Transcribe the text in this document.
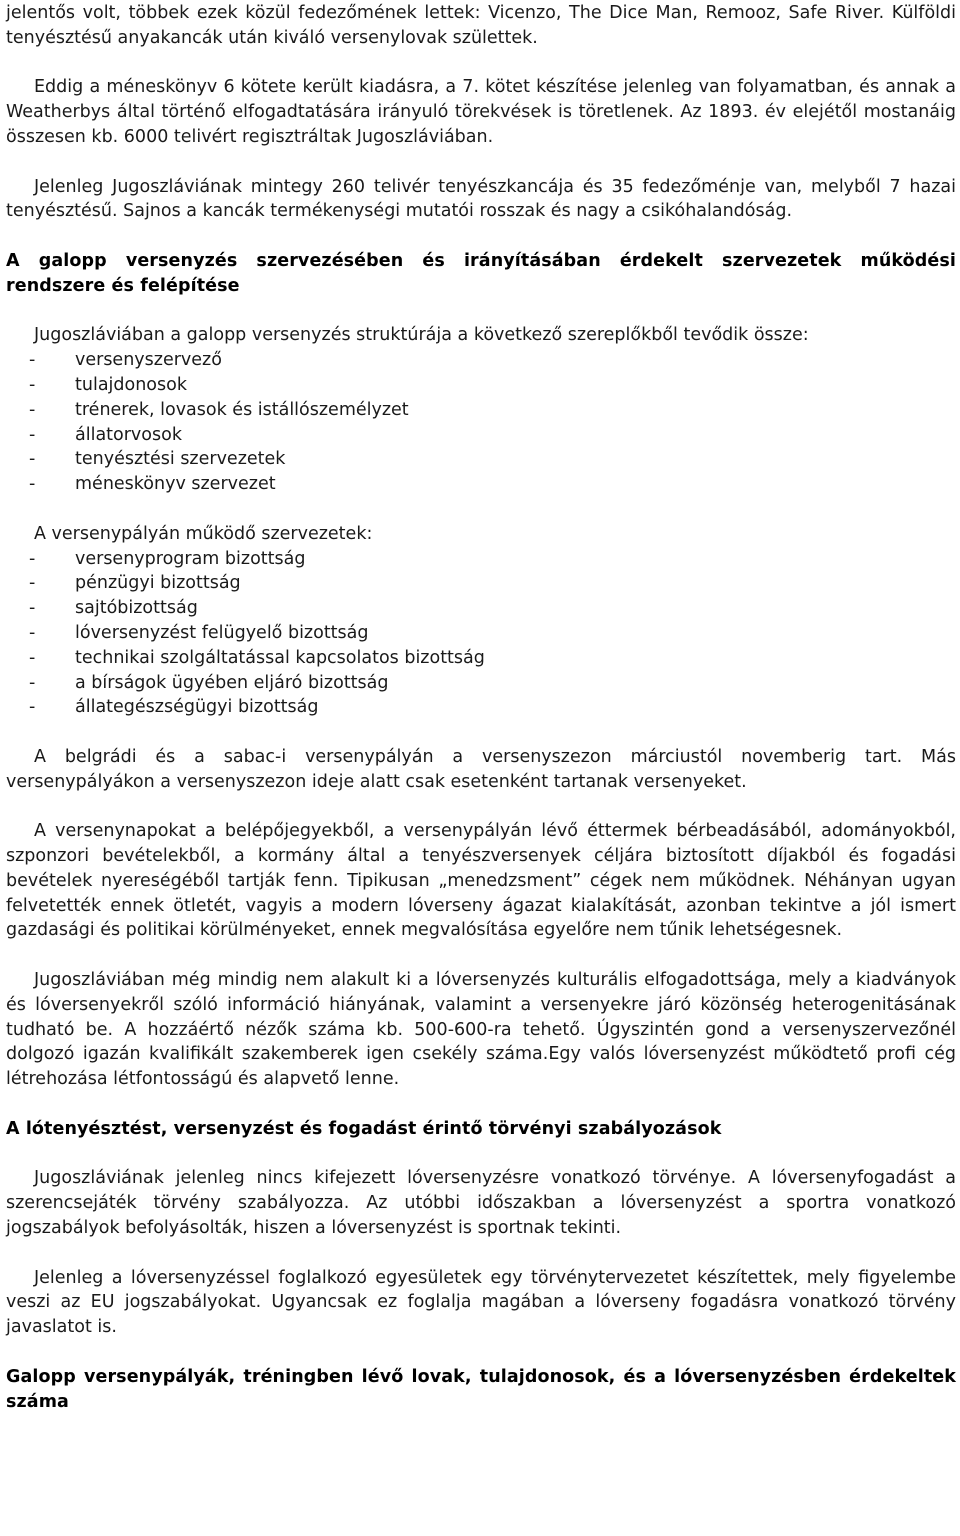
jelentős volt, többek ezek közül fedezőmének lettek: Vicenzo, The Dice Man, Remooz, Safe River. Külföldi tenyésztésű anyakancák után kiváló versenylovak születtek.

Eddig a méneskönyv 6 kötete került kiadásra, a 7. kötet készítése jelenleg van folyamatban, és annak a Weatherbys által történő elfogadtatására irányuló törekvések is töretlenek. Az 1893. év elejétől mostanáig összesen kb. 6000 telivért regisztráltak Jugoszláviában.

Jelenleg Jugoszláviának mintegy 260 telivér tenyészkancája és 35 fedezőménje van, melyből 7 hazai tenyésztésű. Sajnos a kancák termékenységi mutatói rosszak és nagy a csikóhalandóság.

A galopp versenyzés szervezésében és irányításában érdekelt szervezetek működési rendszere és felépítése

Jugoszláviában a galopp versenyzés struktúrája a következő szereplőkből tevődik össze:

- versenyszervező
- tulajdonosok
- trénerek, lovasok és istállószemélyzet
- állatorvosok
- tenyésztési szervezetek
- méneskönyv szervezet

A versenypályán működő szervezetek:

- versenyprogram bizottság
- pénzügyi bizottság
- sajtóbizottság
- lóversenyzést felügyelő bizottság
- technikai szolgáltatással kapcsolatos bizottság
- a bírságok ügyében eljáró bizottság
- állategészségügyi bizottság

A belgrádi és a sabac-i versenypályán a versenyszezon márciustól novemberig tart. Más versenypályákon a versenyszezon ideje alatt csak esetenként tartanak versenyeket.

A versenynapokat a belépőjegyekből, a versenypályán lévő éttermek bérbeadásából, adományokból, szponzori bevételekből, a kormány által a tenyészversenyek céljára biztosított díjakból és fogadási bevételek nyereségéből tartják fenn. Tipikusan „menedzsment” cégek nem működnek. Néhányan ugyan felvetették ennek ötletét, vagyis a modern lóverseny ágazat kialakítását, azonban tekintve a jól ismert gazdasági és politikai körülményeket, ennek megvalósítása egyelőre nem tűnik lehetségesnek.

Jugoszláviában még mindig nem alakult ki a lóversenyzés kulturális elfogadottsága, mely a kiadványok és lóversenyekről szóló információ hiányának, valamint a versenyekre járó közönség heterogenitásának tudható be. A hozzáértő nézők száma kb. 500-600-ra tehető. Úgyszintén gond a versenyszervezőnél dolgozó igazán kvalifikált szakemberek igen csekély száma.Egy valós lóversenyzést működtető profi cég létrehozása létfontosságú és alapvető lenne.

A lótenyésztést, versenyzést és fogadást érintő törvényi szabályozások

Jugoszláviának jelenleg nincs kifejezett lóversenyzésre vonatkozó törvénye. A lóversenyfogadást a szerencsejáték törvény szabályozza. Az utóbbi időszakban a lóversenyzést a sportra vonatkozó jogszabályok befolyásolták, hiszen a lóversenyzést is sportnak tekinti.

Jelenleg a lóversenyzéssel foglalkozó egyesületek egy törvénytervezetet készítettek, mely figyelembe veszi az EU jogszabályokat. Ugyancsak ez foglalja magában a lóverseny fogadásra vonatkozó törvény javaslatot is.

Galopp versenypályák, tréningben lévő lovak, tulajdonosok, és a lóversenyzésben érdekeltek száma
